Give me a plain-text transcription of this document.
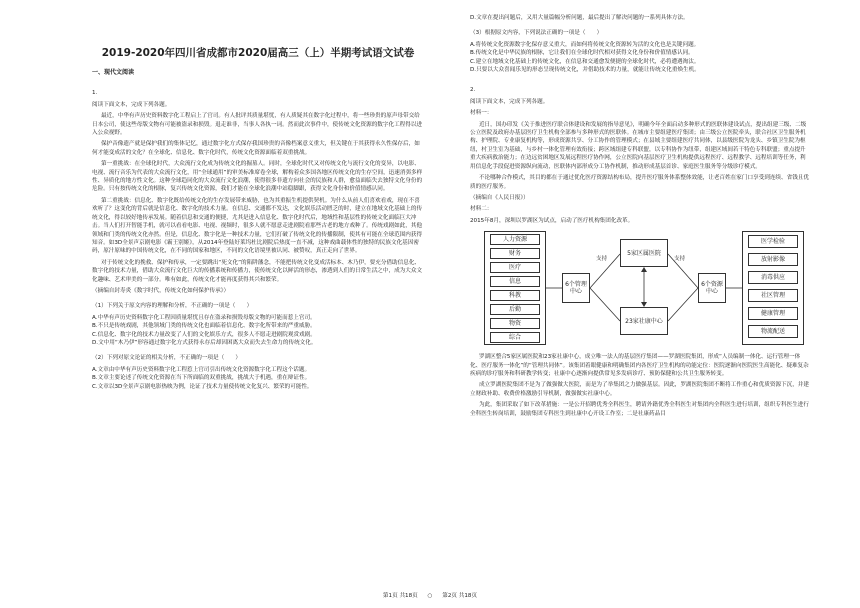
2019-2020年四川省成都市2020届高三（上）半期考试语文试卷
一、现代文阅读

1.

阅读下面文本，完成下列各题。

最近，中华有声历史资料数字化工程启上了官司。有人批评其质量堪忧，有人质疑其在数字化过程中，将一些珍贵的原声母带交给日本公司，使这些母版文物有可能被盗录和损毁。退走谁非，当事人各执一词。然而此次事件中，使传统文化资源的数字化工程得以进入公众视野。

保护音像遗产就是保护我们的集体记忆，通过数字化方式保存我国珍贵的音像档案意义重大，但关键在于其获得永久性保存后，如何才能变成活的文化？在全球化、信息化、数字化时代，传统文化资源面临着双重挑战。

第一重挑战：在全球化时代，大众流行文化成为传统文化的掘墓人。同时，全球化时代又对传统文化与流行文化的变异，以电影、电视、流行音乐为代表的大众流行文化，用“全球通用”的审美标准席卷全球，解构着众多国各地区传统文化的生存空间，迅速消弭多样性、异质化的地方性文化。这种全球趋同化的大众流行文化浪潮，使得很多非遗方向社会的民族和人群，愈益面临失去独特文化身份的危险。只有按传统文化的根脉，复兴传统文化资源，我们才能在全球化浪潮中站稳脚跟，获得文化身份和价值情感认同。

第二重挑战：信息化、数字化既给传统文化的生存发展带来威胁，也为其重振生机提供契机。为什么从前人们喜欢看戏，现在不喜欢听了？这变化的背后就是信息化、数字化的技术力量。在信息、交通都不发达，文化娱乐活动匮乏的时，建立在地域文化基础上的传统文化，得以较好地传承发展。随着信息和交通的便捷，尤其是进入信息化、数字化时代后，地域性和基层性的传统文化面临巨大冲击。当人们打开智能手机，就可以看看电影、电视、视频时，很多人就不愿意走进剧院看那些古老的地方戏种了。传统戏剧如此，其他领域和门类的传统文化亦然。但是，信息化、数字化是一种技术力量，它们打破了传统文化的传播限制，使其有可能在全球范围内获得知音。如3D全景声京剧电影《霸王别姬》，从2014年登陆好莱坞杜比剧院后热度一直不减，这种戏曲载体性的独特的民族文化基因密码，原汁原味的中国传统文化，在不同的国家和地区，不同的文化语境里被认同、被赞叹，真正走向了世界。

对于传统文化的挽救、保护和传承，一定要跳出“死文化”的陷阱藩念，不能把传统文化变成活标本、木乃伊，要充分借助信息化、数字化的技术力量，借助大众流行文化巨大的传播系统和传播力，使传统文化以鲜活的形态，渗透到人们的日常生活之中，成为大众文化趣味、艺术审美的一部分。唯有如此，传统文化才能再度获得其兴和繁荣。

（摘编自封寿炎《数字时代，传统文化如何保护传承》）

（1）下列关于原文内容的理解和分析，不正确的一项是（　　）

A.中华有声历史资料数字化工程因质量堪忧且存在盗录和损毁母版文物的可能而惹上官司。

B.不只是传统戏剧，其他领域门类的传统文化也面临着信息化、数字化所带来的严重威胁。

C.信息化、数字化的技术力量改变了人们的文化娱乐方式，很多人不愿走进剧院观赏戏剧。

D.文中用“木乃伊”形容通过数字化方式获得永存后却因困离大众而失去生命力的传统文化。

（2）下列对原文论证的相关分析，不正确的一项是（　　）

A.文章由中华有声历史资料数字化工程惹上官司引出传统文化资源数字化工程这个话题。

B.文章主要论述了传统文化资源在当下所面临的双重挑战，挑战大于机遇，重在辩证性。

C.文章以3D全景声京剧电影热映为例，论证了技术力量使传统文化复兴、繁荣的可能性。

D.文章在提出问题后，又用大量篇幅分析问题，最后提出了解决问题的一系列具体方法。

（3）根据原文内容，下列说法正确的一项是（　　）

A.将传统文化资源数字化保存意义重大，而如何将传统文化资源转为活的文化也是关键问题。

B.传统文化是中华民族的根脉，它让我们在全球化时代相对获得文化身份和价值情感认同。

C.建立在地域文化基础上的传统文化，在信息和交通愈发便捷的全球化时代，必将遭遇淘汰。

D.只要以大众喜闻乐见的形态呈现传统文化，并借助技术的力量，就能让传统文化重焕生机。

2.

阅读下面文本，完成下列各题。

材料一：

近日，国办印发《关于推进医疗联合体建设和发展的指导意见》，明确今年全面启动多种形式的医联体建设试点，提出组建三级、二级公立医院及政府办基层医疗卫生机构全部参与多种形式的医联体。在城市主要组建医疗集团；由三级公立医院牵头，联合社区卫生服务机构、护理院、专业康复机构等，形成资源共享、分工协作的管理模式；在县域主要组建医疗共同体，以县级医院为龙头、乡镇卫生院为枢纽，村卫生室为基础，与乡村一体化管理有效衔接；跨区域组建专科联盟，以专科协作为纽带，组建区域间若干特色专科联盟；重点提升重大疾病救治能力；在边远贫困地区发展远程医疗协作网，公立医院向基层医疗卫生机构提供远程医疗、远程教学、远程培训等任务，利用信息化手段促进资源纵向流动，医联体内部形成分工协作机制，推动形成基层首诊、家庭医生服务等分级诊疗模式。

不论哪种合作模式，其目的都在于通过优化医疗资源结构布局，提升医疗服务体系整体效能，让老百姓在家门口享受到连续、省钱且优质的医疗服务。

（摘编自《人民日报》）

材料二：

2015年8月，深圳以罗湖区为试点，启动了医疗机构集团化改革。

人力资源
财务
医疗
信息
科教
后勤
物资
综合
6个管理中心
5家区属医院
23家社康中心
6个资源中心
支持	支持
医学检验
放射影像
消毒供应
社区管理
健康管理
物流配送

罗湖区整合5家区属医院和23家社康中心，成立唯一法人的基层医疗集团——罗湖医院集团，形成“人员编制一体化、运行管理一体化、医疗服务一体化”的“管理共同体”。该集团着眼健康和明确集团内各医疗卫生机构的功能定位：医院逐渐向医院医生高能化、疑难复杂疾病的诊疗服务和科研教学转变；社康中心逐渐向提供常见多发病诊疗、预防保健和公共卫生服务转变。

成立罗湖医院集团不是为了做强做大医院，而是为了举集团之力做强基层。因此，罗湖医院集团不断将工作重心和优质资源下沉，并建立财政补助、收费价格激励引导机制，做强做实社康中心。

为此，集团采取了如下改革措施：一是公开招聘优秀全科医生，聘请外籍优秀全科医生对集团内全科医生进行培训，组织专科医生进行全科医生转岗培训，鼓励集团专科医生到社康中心开设工作室；二是社康药品目

第1页 共18页 ○ 第2页 共18页
